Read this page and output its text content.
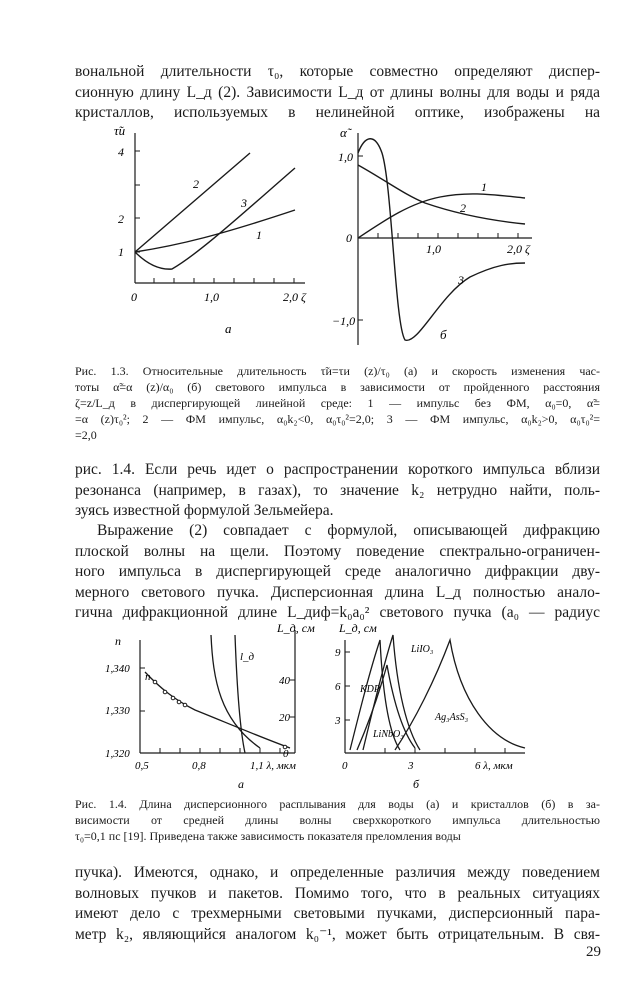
вональной длительности τ₀, которые совместно определяют диспер-
сионную длину L_д (2). Зависимости L_д от длины волны для воды и ряда
кристаллов, используемых в нелинейной оптике, изображены на

τ̃и
4
2
1
0	1,0	2,0 ζ
2
3
1
а
α̃
1,0
0
−1,0
1,0	2,0 ζ
1
2
3
б

Рис. 1.3. Относительные длительность τ̃и=τи (z)/τ₀ (а) и скорость изменения час-
тоты α̃=α (z)/α₀ (б) светового импульса в зависимости от пройденного расстояния
ζ=z/L_д в диспергирующей линейной среде: 1 — импульс без ФМ, α₀=0, α̃=
=α (z)τ₀²; 2 — ФМ импульс, α₀k₂<0, α₀τ₀²=2,0; 3 — ФМ импульс, α₀k₂>0, α₀τ₀²=
=2,0

рис. 1.4. Если речь идет о распространении короткого импульса вблизи
резонанса (например, в газах), то значение k₂ нетрудно найти, поль-
зуясь известной формулой Зельмейера.

Выражение (2) совпадает с формулой, описывающей дифракцию
плоской волны на щели. Поэтому поведение спектрально-ограничен-
ного импульса в диспергирующей среде аналогично дифракции дву-
мерного светового пучка. Дисперсионная длина L_д полностью анало-
гична дифракционной длине L_диф=k₀a₀² светового пучка (a₀ — радиус

n
1,340
1,330
1,320
L_д, см
40
20
0
0,5	0,8	1,1 λ, мкм
n
l_д
а
L_д, см
9
6
3
0	3	6 λ, мкм
LiIO₃
KDP
LiNbO₃
Ag₃AsS₃
б

Рис. 1.4. Длина дисперсионного расплывания для воды (а) и кристаллов (б) в за-
висимости от средней длины волны сверхкороткого импульса длительностью
τ₀=0,1 пс [19]. Приведена также зависимость показателя преломления воды

пучка). Имеются, однако, и определенные различия между поведением
волновых пучков и пакетов. Помимо того, что в реальных ситуациях
имеют дело с трехмерными световыми пучками, дисперсионный пара-
метр k₂, являющийся аналогом k₀⁻¹, может быть отрицательным. В свя-

29
